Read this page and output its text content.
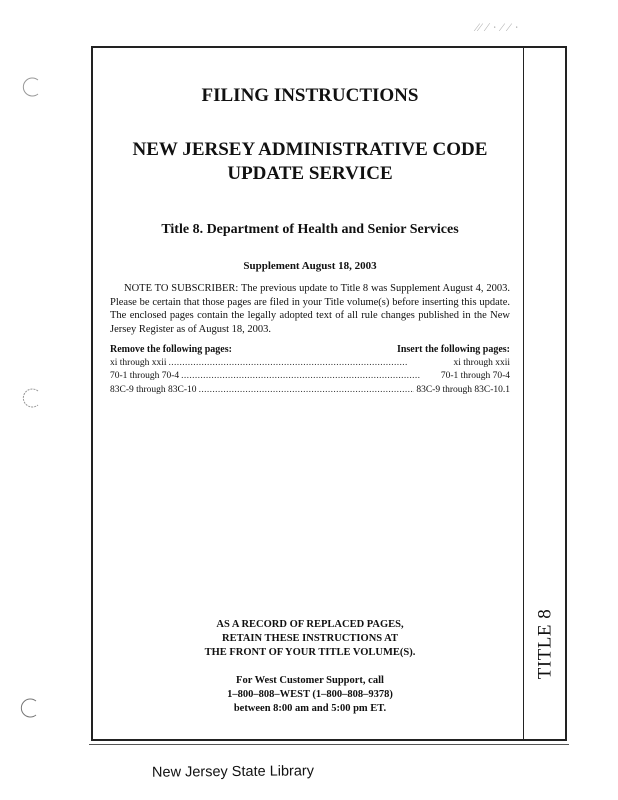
⁄⁄ ∕ ∙ ⁄ ⁄ ∙
TITLE 8
FILING INSTRUCTIONS
NEW JERSEY ADMINISTRATIVE CODE
UPDATE SERVICE
Title 8. Department of Health and Senior Services
Supplement August 18, 2003

NOTE TO SUBSCRIBER: The previous update to Title 8 was Supplement August 4, 2003. Please be certain that those pages are filed in your Title volume(s) before inserting this update. The enclosed pages contain the legally adopted text of all rule changes published in the New Jersey Register as of August 18, 2003.

Remove the following pages:	Insert the following pages:
xi through xxii . . .	xi through xxii
70-1 through 70-4 . . .	70-1 through 70-4
83C-9 through 83C-10 . . .	83C-9 through 83C-10.1
AS A RECORD OF REPLACED PAGES,
RETAIN THESE INSTRUCTIONS AT
THE FRONT OF YOUR TITLE VOLUME(S).
For West Customer Support, call
1–800–808–WEST (1–800–808–9378)
between 8:00 am and 5:00 pm ET.
New Jersey State Library
